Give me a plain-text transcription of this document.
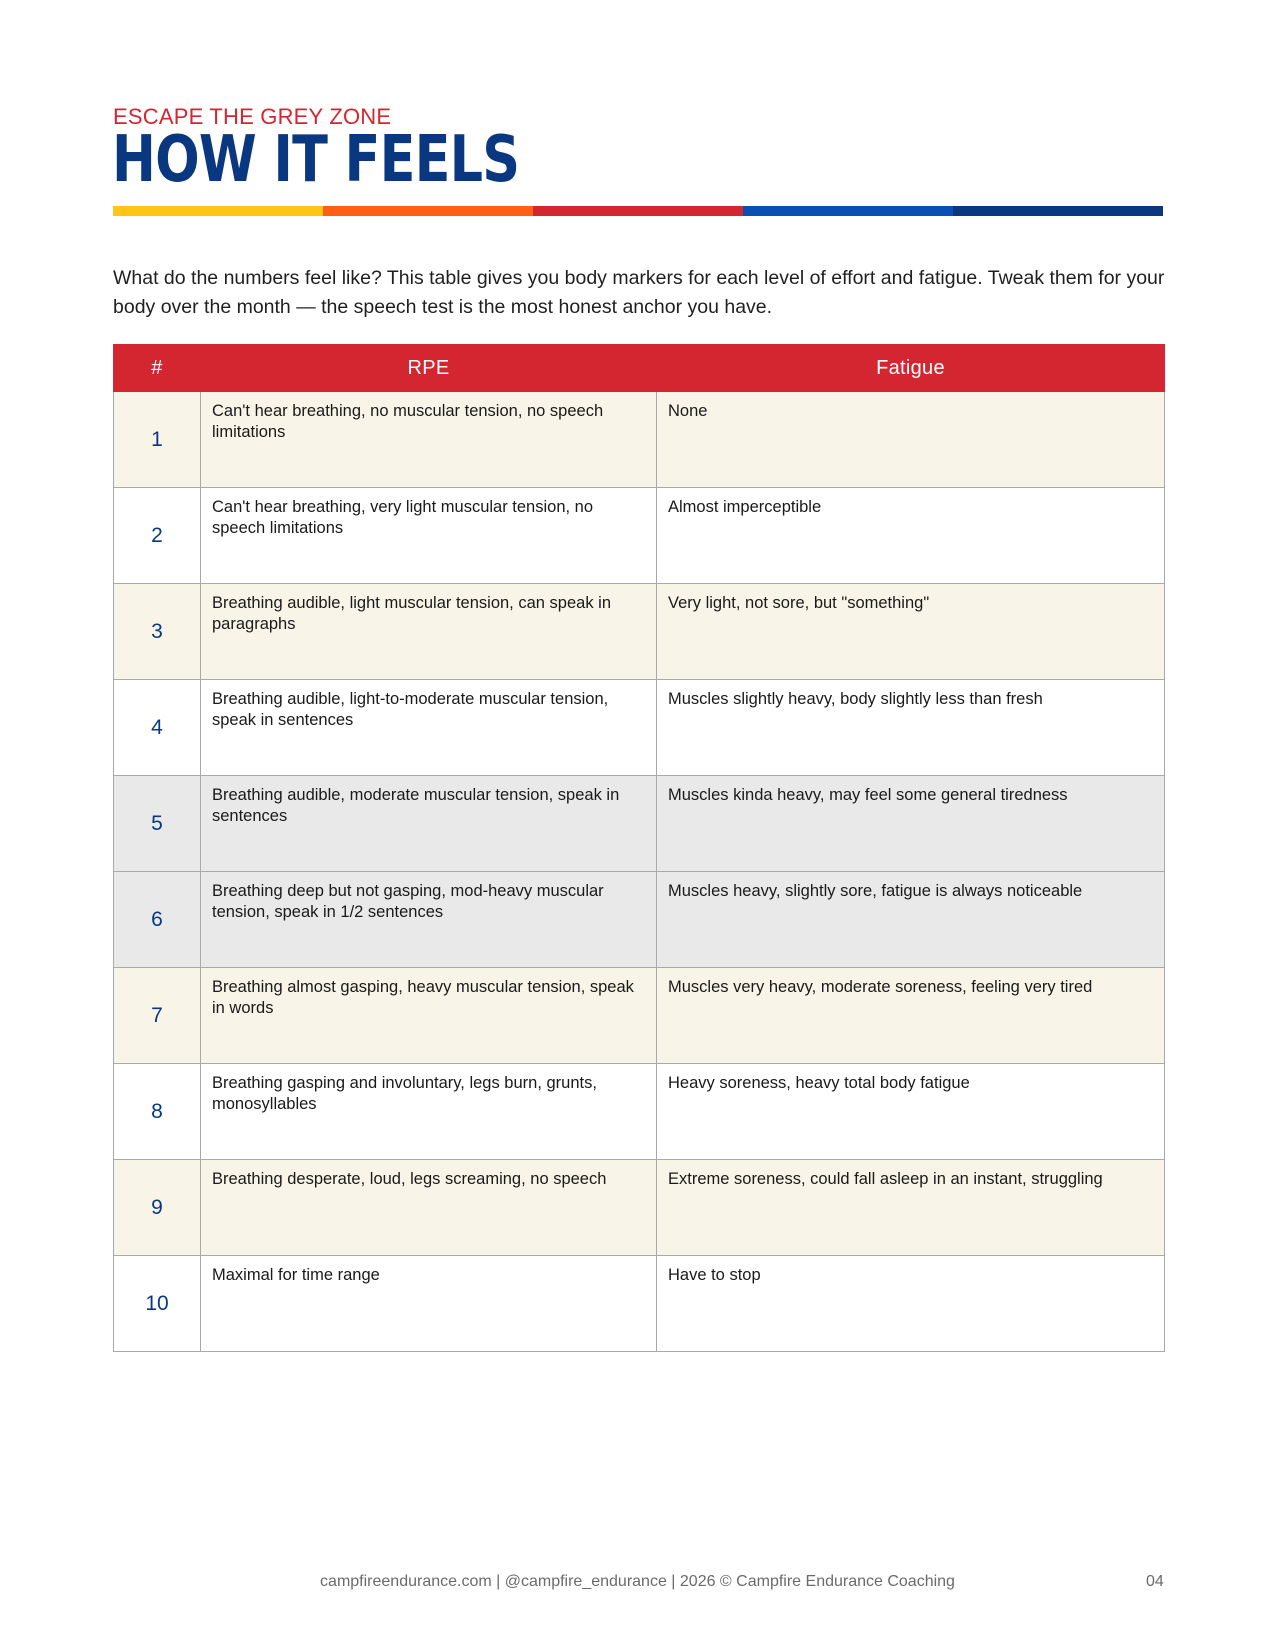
ESCAPE THE GREY ZONE
HOW IT FEELS

What do the numbers feel like? This table gives you body markers for each level of effort and fatigue. Tweak them for your body over the month — the speech test is the most honest anchor you have.

#	RPE	Fatigue
1	Can't hear breathing, no muscular tension, no speech limitations	None
2	Can't hear breathing, very light muscular tension, no speech limitations	Almost imperceptible
3	Breathing audible, light muscular tension, can speak in paragraphs	Very light, not sore, but "something"
4	Breathing audible, light-to-moderate muscular tension, speak in sentences	Muscles slightly heavy, body slightly less than fresh
5	Breathing audible, moderate muscular tension, speak in sentences	Muscles kinda heavy, may feel some general tiredness
6	Breathing deep but not gasping, mod-heavy muscular tension, speak in 1/2 sentences	Muscles heavy, slightly sore, fatigue is always noticeable
7	Breathing almost gasping, heavy muscular tension, speak in words	Muscles very heavy, moderate soreness, feeling very tired
8	Breathing gasping and involuntary, legs burn, grunts, monosyllables	Heavy soreness, heavy total body fatigue
9	Breathing desperate, loud, legs screaming, no speech	Extreme soreness, could fall asleep in an instant, struggling
10	Maximal for time range	Have to stop
campfireendurance.com | @campfire_endurance | 2026 © Campfire Endurance Coaching	04
